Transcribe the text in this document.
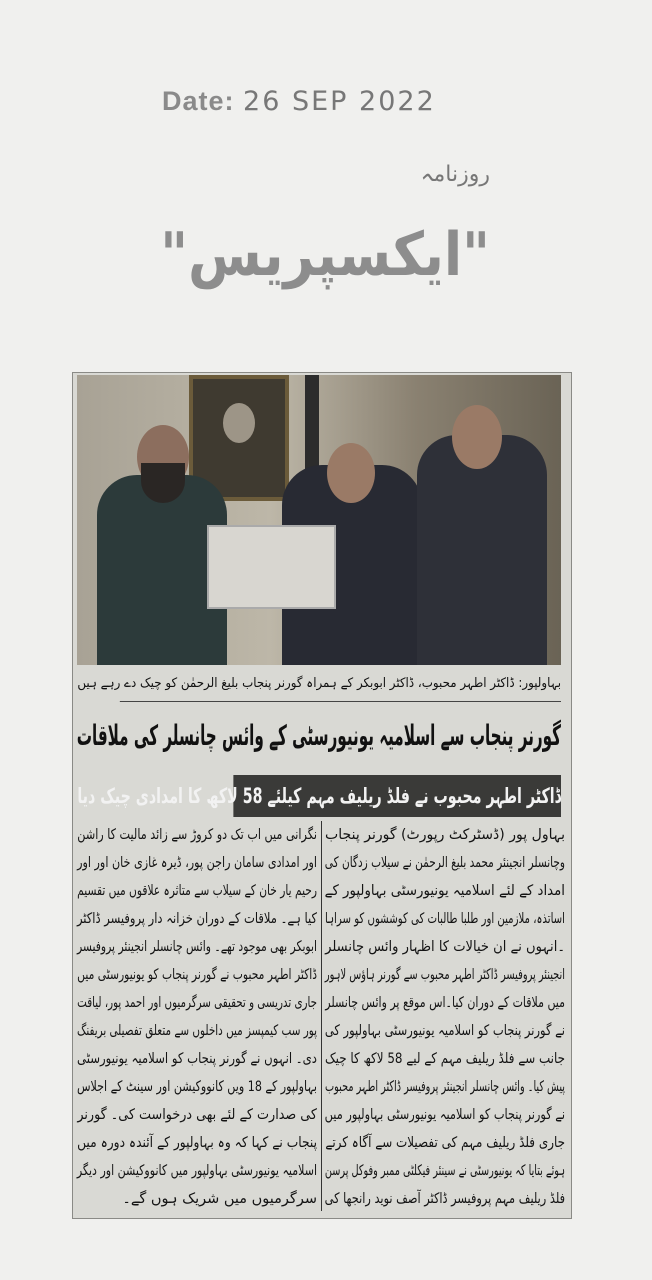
Date: 26 SEP 2022
روزنامہ
"ایکسپریس"
بہاولپور: ڈاکٹر اطہر محبوب، ڈاکٹر ابوبکر کے ہمراہ گورنر پنجاب بلیغ الرحمٰن کو چیک دے رہے ہیں
گورنر پنجاب سے اسلامیہ یونیورسٹی کے وائس چانسلر کی ملاقات
ڈاکٹر اطہر محبوب نے فلڈ ریلیف مہم کیلئے 58 لاکھ کا امدادی چیک دیا
بہاول پور (ڈسٹرکٹ رپورٹ) گورنر پنجاب
وچانسلر انجینئر محمد بلیغ الرحمٰن نے سیلاب زدگان کی
امداد کے لئے اسلامیہ یونیورسٹی بہاولپور کے
اساتذہ، ملازمین اور طلبا طالبات کی کوششوں کو سراہا
۔انہوں نے ان خیالات کا اظہار وائس چانسلر
انجینئر پروفیسر ڈاکٹر اطہر محبوب سے گورنر ہاؤس لاہور
میں ملاقات کے دوران کیا۔اس موقع پر وائس چانسلر
نے گورنر پنجاب کو اسلامیہ یونیورسٹی بہاولپور کی
جانب سے فلڈ ریلیف مہم کے لیے 58 لاکھ کا چیک
پیش کیا۔ وائس چانسلر انجینئر پروفیسر ڈاکٹر اطہر محبوب
نے گورنر پنجاب کو اسلامیہ یونیورسٹی بہاولپور میں
جاری فلڈ ریلیف مہم کی تفصیلات سے آگاہ کرتے
ہوئے بتایا کہ یونیورسٹی نے سینئر فیکلٹی ممبر وفوکل پرسن
فلڈ ریلیف مہم پروفیسر ڈاکٹر آصف نوید رانجھا کی
نگرانی میں اب تک دو کروڑ سے زائد مالیت کا راشن
اور امدادی سامان راجن پور، ڈیرہ غازی خان اور اور
رحیم یار خان کے سیلاب سے متاثرہ علاقوں میں تقسیم
کیا ہے۔ ملاقات کے دوران خزانہ دار پروفیسر ڈاکٹر
ابوبکر بھی موجود تھے۔ وائس چانسلر انجینئر پروفیسر
ڈاکٹر اطہر محبوب نے گورنر پنجاب کو یونیورسٹی میں
جاری تدریسی و تحقیقی سرگرمیوں اور احمد پور، لیاقت
پور سب کیمپسز میں داخلوں سے متعلق تفصیلی بریفنگ
دی۔ انہوں نے گورنر پنجاب کو اسلامیہ یونیورسٹی
بہاولپور کے 18 ویں کانووکیشن اور سینٹ کے اجلاس
کی صدارت کے لئے بھی درخواست کی۔ گورنر
پنجاب نے کہا کہ وہ بہاولپور کے آئندہ دورہ میں
اسلامیہ یونیورسٹی بہاولپور میں کانووکیشن اور دیگر
سرگرمیوں میں شریک ہوں گے۔
